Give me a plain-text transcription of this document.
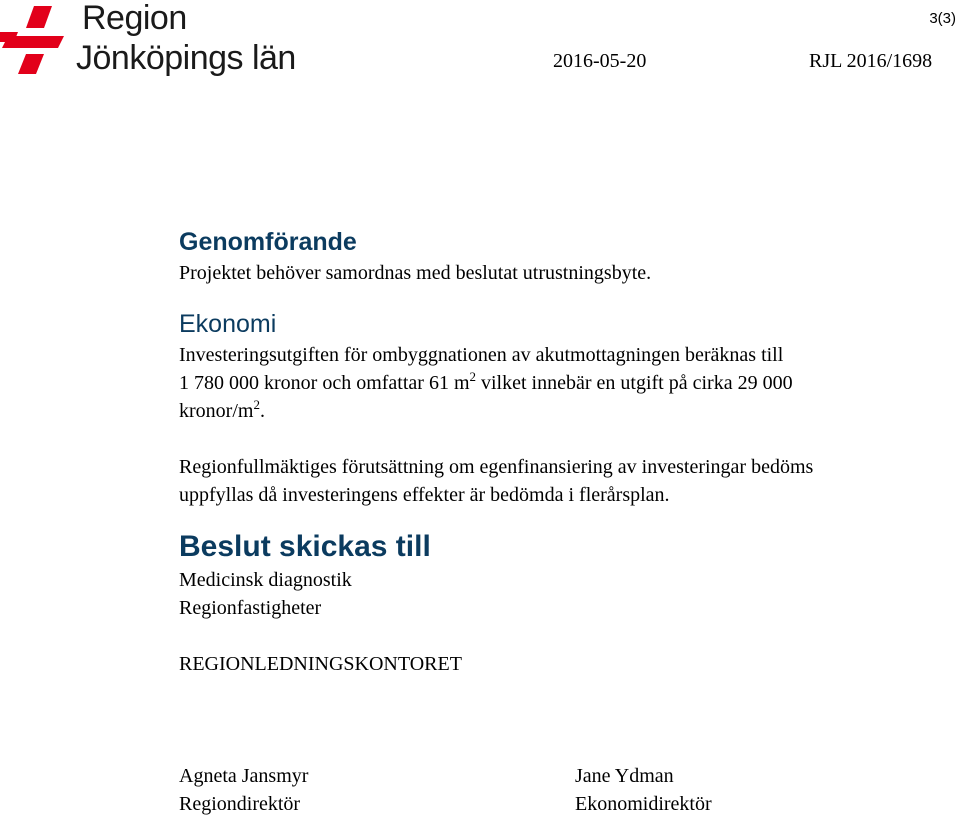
Region
Jönköpings län
3(3)
2016-05-20	RJL 2016/1698
Genomförande
Projektet behöver samordnas med beslutat utrustningsbyte.
Ekonomi
Investeringsutgiften för ombyggnationen av akutmottagningen beräknas till
1 780 000 kronor och omfattar 61 $m^2$ vilket innebär en utgift på cirka 29 000
kronor/$m^2$.
Regionfullmäktiges förutsättning om egenfinansiering av investeringar bedöms
uppfyllas då investeringens effekter är bedömda i flerårsplan.
Beslut skickas till
Medicinsk diagnostik
Regionfastigheter
REGIONLEDNINGSKONTORET
Agneta Jansmyr
Regiondirektör
Jane Ydman
Ekonomidirektör
